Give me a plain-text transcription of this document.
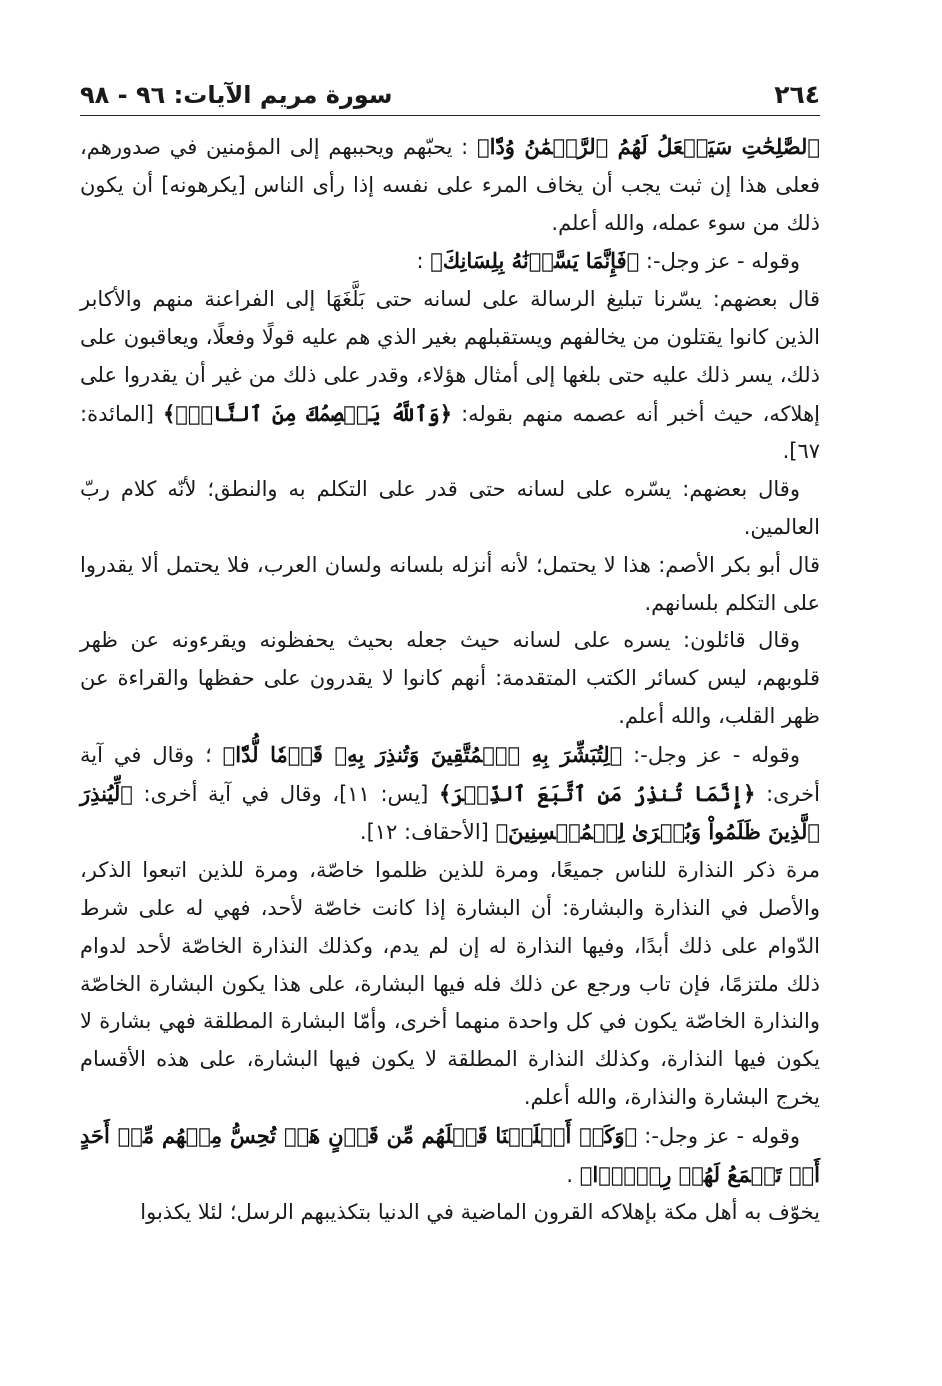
٢٦٤
سورة مريم الآيات: ٩٦ - ٩٨

ٱلصَّٰلِحَٰتِ سَيَجۡعَلُ لَهُمُ ٱلرَّحۡمَٰنُ وُدّٗا﴾ : يحبّهم ويحببهم إلى المؤمنين في صدورهم، فعلى هذا إن ثبت يجب أن يخاف المرء على نفسه إذا رأى الناس [يكرهونه] أن يكون ذلك من سوء عمله، والله أعلم.

وقوله - عز وجل-: ﴿فَإِنَّمَا يَسَّرۡنَٰهُ بِلِسَانِكَ﴾ :

قال بعضهم: يسّرنا تبليغ الرسالة على لسانه حتى بَلَّغَهَا إلى الفراعنة منهم والأكابر الذين كانوا يقتلون من يخالفهم ويستقبلهم بغير الذي هم عليه قولًا وفعلًا، ويعاقبون على ذلك، يسر ذلك عليه حتى بلغها إلى أمثال هؤلاء، وقدر على ذلك من غير أن يقدروا على إهلاكه، حيث أخبر أنه عصمه منهم بقوله: ﴿وَٱللَّهُ يَعۡصِمُكَ مِنَ ٱلنَّاسِۗ﴾ [المائدة: ٦٧].

وقال بعضهم: يسّره على لسانه حتى قدر على التكلم به والنطق؛ لأنّه كلام ربّ العالمين.

قال أبو بكر الأصم: هذا لا يحتمل؛ لأنه أنزله بلسانه ولسان العرب، فلا يحتمل ألا يقدروا على التكلم بلسانهم.

وقال قائلون: يسره على لسانه حيث جعله بحيث يحفظونه ويقرءونه عن ظهر قلوبهم، ليس كسائر الكتب المتقدمة: أنهم كانوا لا يقدرون على حفظها والقراءة عن ظهر القلب، والله أعلم.

وقوله - عز وجل-: ﴿لِتُبَشِّرَ بِهِ ٱلۡمُتَّقِينَ وَتُنذِرَ بِهِۦ قَوۡمٗا لُّدّٗا﴾ ؛ وقال في آية أخرى: ﴿إِنَّمَا تُنذِرُ مَنِ ٱتَّبَعَ ٱلذِّكۡرَ﴾ [يس: ١١]، وقال في آية أخرى: ﴿لِّيُنذِرَ ٱلَّذِينَ ظَلَمُواْ وَبُشۡرَىٰ لِلۡمُحۡسِنِينَ﴾ [الأحقاف: ١٢].

مرة ذكر النذارة للناس جميعًا، ومرة للذين ظلموا خاصّة، ومرة للذين اتبعوا الذكر، والأصل في النذارة والبشارة: أن البشارة إذا كانت خاصّة لأحد، فهي له على شرط الدّوام على ذلك أبدًا، وفيها النذارة له إن لم يدم، وكذلك النذارة الخاصّة لأحد لدوام ذلك ملتزمًا، فإن تاب ورجع عن ذلك فله فيها البشارة، على هذا يكون البشارة الخاصّة والنذارة الخاصّة يكون في كل واحدة منهما أخرى، وأمّا البشارة المطلقة فهي بشارة لا يكون فيها النذارة، وكذلك النذارة المطلقة لا يكون فيها البشارة، على هذه الأقسام يخرج البشارة والنذارة، والله أعلم.

وقوله - عز وجل-: ﴿وَكَمۡ أَهۡلَكۡنَا قَبۡلَهُم مِّن قَرۡنٍ هَلۡ تُحِسُّ مِنۡهُم مِّنۡ أَحَدٍ أَوۡ تَسۡمَعُ لَهُمۡ رِكۡزَۢا﴾ .

يخوّف به أهل مكة بإهلاكه القرون الماضية في الدنيا بتكذيبهم الرسل؛ لئلا يكذبوا
